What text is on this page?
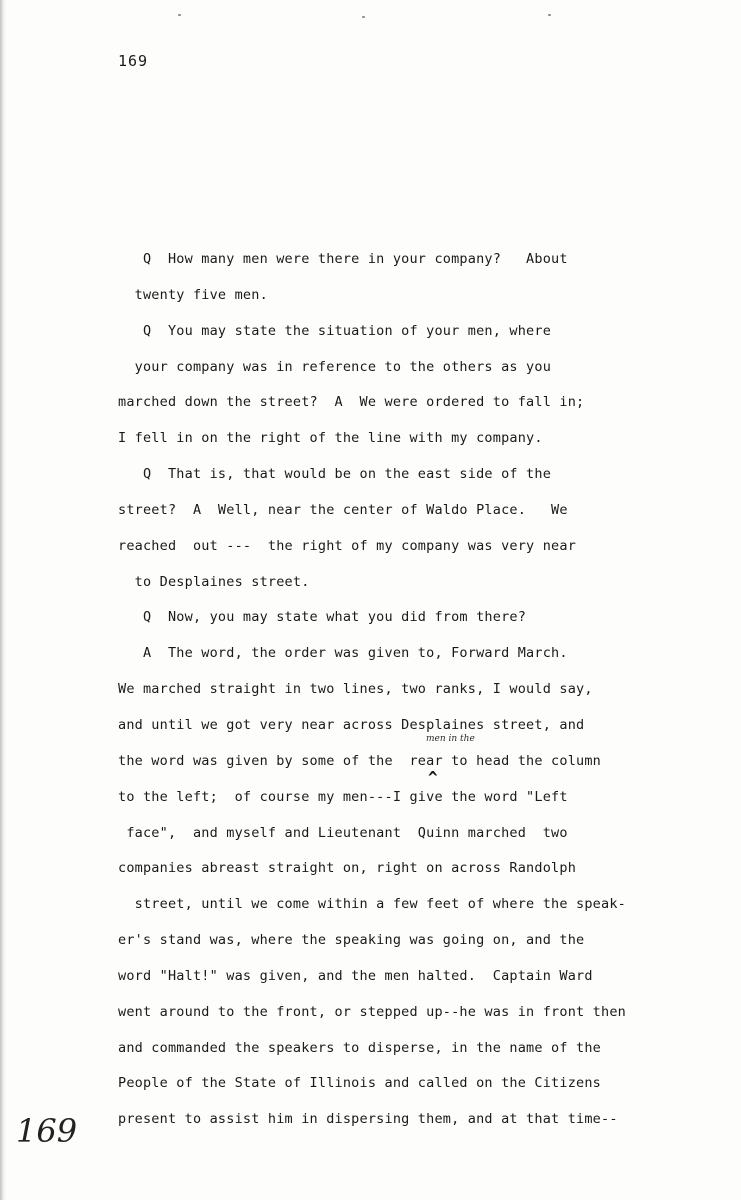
169
men in the
^
Q  How many men were there in your company?   About
twenty five men.
Q  You may state the situation of your men, where
your company was in reference to the others as you
marched down the street?  A  We were ordered to fall in;
I fell in on the right of the line with my company.
Q  That is, that would be on the east side of the
street?  A  Well, near the center of Waldo Place.   We
reached  out ---  the right of my company was very near
to Desplaines street.
Q  Now, you may state what you did from there?
A  The word, the order was given to, Forward March.
We marched straight in two lines, two ranks, I would say,
and until we got very near across Desplaines street, and
the word was given by some of the  rear to head the column
to the left;  of course my men---I give the word "Left
face",  and myself and Lieutenant  Quinn marched  two
companies abreast straight on, right on across Randolph
street, until we come within a few feet of where the speak-
er's stand was, where the speaking was going on, and the
word "Halt!" was given, and the men halted.  Captain Ward
went around to the front, or stepped up--he was in front then
and commanded the speakers to disperse, in the name of the
People of the State of Illinois and called on the Citizens
present to assist him in dispersing them, and at that time--
169
